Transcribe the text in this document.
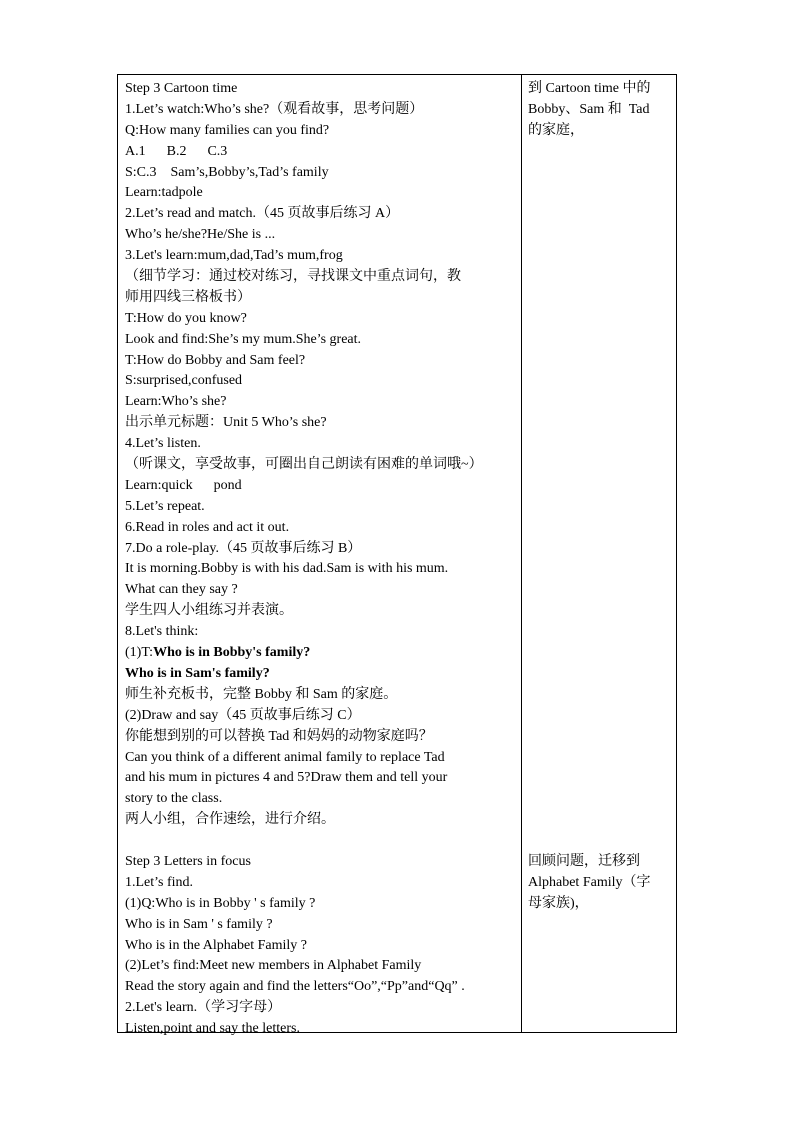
Step 3 Cartoon time
1.Let’s watch:Who’s she?（观看故事，思考问题）
Q:How many families can you find?
A.1      B.2      C.3
S:C.3    Sam’s,Bobby’s,Tad’s family
Learn:tadpole
2.Let’s read and match.（45 页故事后练习 A）
Who’s he/she?He/She is ...
3.Let's learn:mum,dad,Tad’s mum,frog
（细节学习：通过校对练习，寻找课文中重点词句，教
师用四线三格板书）
T:How do you know?
Look and find:She’s my mum.She’s great.
T:How do Bobby and Sam feel?
S:surprised,confused
Learn:Who’s she?
出示单元标题：Unit 5 Who’s she?
4.Let’s listen.
（听课文，享受故事，可圈出自己朗读有困难的单词哦~）
Learn:quick      pond
5.Let’s repeat.
6.Read in roles and act it out.
7.Do a role-play.（45 页故事后练习 B）
It is morning.Bobby is with his dad.Sam is with his mum.
What can they say ?
学生四人小组练习并表演。
8.Let's think:
(1)T:Who is in Bobby's family?
Who is in Sam's family?
师生补充板书，完整 Bobby 和 Sam 的家庭。
(2)Draw and say（45 页故事后练习 C）
你能想到别的可以替换 Tad 和妈妈的动物家庭吗？
Can you think of a different animal family to replace Tad
and his mum in pictures 4 and 5?Draw them and tell your
story to the class.
两人小组，合作速绘，进行介绍。
Step 3 Letters in focus
1.Let’s find.
(1)Q:Who is in Bobby ' s family ?
Who is in Sam ' s family ?
Who is in the Alphabet Family ?
(2)Let’s find:Meet new members in Alphabet Family
Read the story again and find the letters“Oo”,“Pp”and“Qq” .
2.Let's learn.（学习字母）
Listen,point and say the letters.
到 Cartoon time 中的
Bobby、Sam 和  Tad
的家庭，
回顾问题，迁移到
Alphabet Family（字
母家族)，
